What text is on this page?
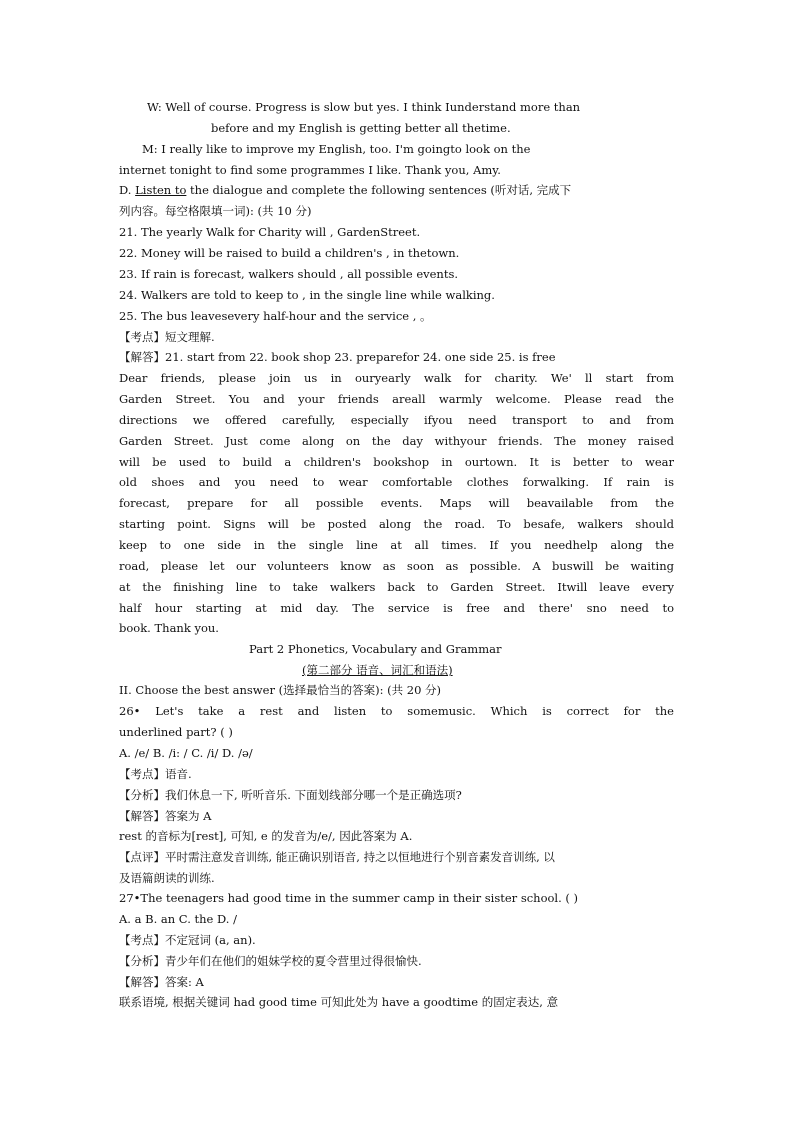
W: Well of course. Progress is slow but yes. I think Iunderstand more than
before and my English is getting better all thetime.
M: I really like to improve my English, too. I'm goingto look on the
internet tonight to find some programmes I like. Thank you, Amy.
D. Listen to the dialogue and complete the following sentences (听对话, 完成下
列内容。每空格限填一词): (共 10 分)
21. The yearly Walk for Charity will , GardenStreet.
22. Money will be raised to build a children's , in thetown.
23. If rain is forecast, walkers should , all possible events.
24. Walkers are told to keep to , in the single line while walking.
25. The bus leavesevery half-hour and the service , 。
【考点】短文理解.
【解答】21. start from 22. book shop 23. preparefor 24. one side 25. is free
Dear friends, please join us in ouryearly walk for charity. We' ll start from
Garden Street. You and your friends areall warmly welcome. Please read the
directions we offered carefully, especially ifyou need transport to and from
Garden Street. Just come along on the day withyour friends. The money raised
will be used to build a children's bookshop in ourtown. It is better to wear
old shoes and you need to wear comfortable clothes forwalking. If rain is
forecast, prepare for all possible events. Maps will beavailable from the
starting point. Signs will be posted along the road. To besafe, walkers should
keep to one side in the single line at all times. If you needhelp along the
road, please let our volunteers know as soon as possible. A buswill be waiting
at the finishing line to take walkers back to Garden Street. Itwill leave every
half hour starting at mid day. The service is free and there' sno need to
book. Thank you.
Part 2 Phonetics, Vocabulary and Grammar
(第二部分 语音、词汇和语法)
II. Choose the best answer (选择最恰当的答案): (共 20 分)
26• Let's take a rest and listen to somemusic. Which is correct for the
underlined part? ( )
A. /e/ B. /i: / C. /i/ D. /ə/
【考点】语音.
【分析】我们休息一下, 听听音乐. 下面划线部分哪一个是正确选项?
【解答】答案为 A
rest 的音标为[rest], 可知, e 的发音为/e/, 因此答案为 A.
【点评】平时需注意发音训练, 能正确识别语音, 持之以恒地进行个别音素发音训练, 以
及语篇朗读的训练.
27•The teenagers had good time in the summer camp in their sister school. ( )
A. a B. an C. the D. /
【考点】不定冠词 (a, an).
【分析】青少年们在他们的姐妹学校的夏令营里过得很愉快.
【解答】答案: A
联系语境, 根据关键词 had good time 可知此处为 have a goodtime 的固定表达, 意
